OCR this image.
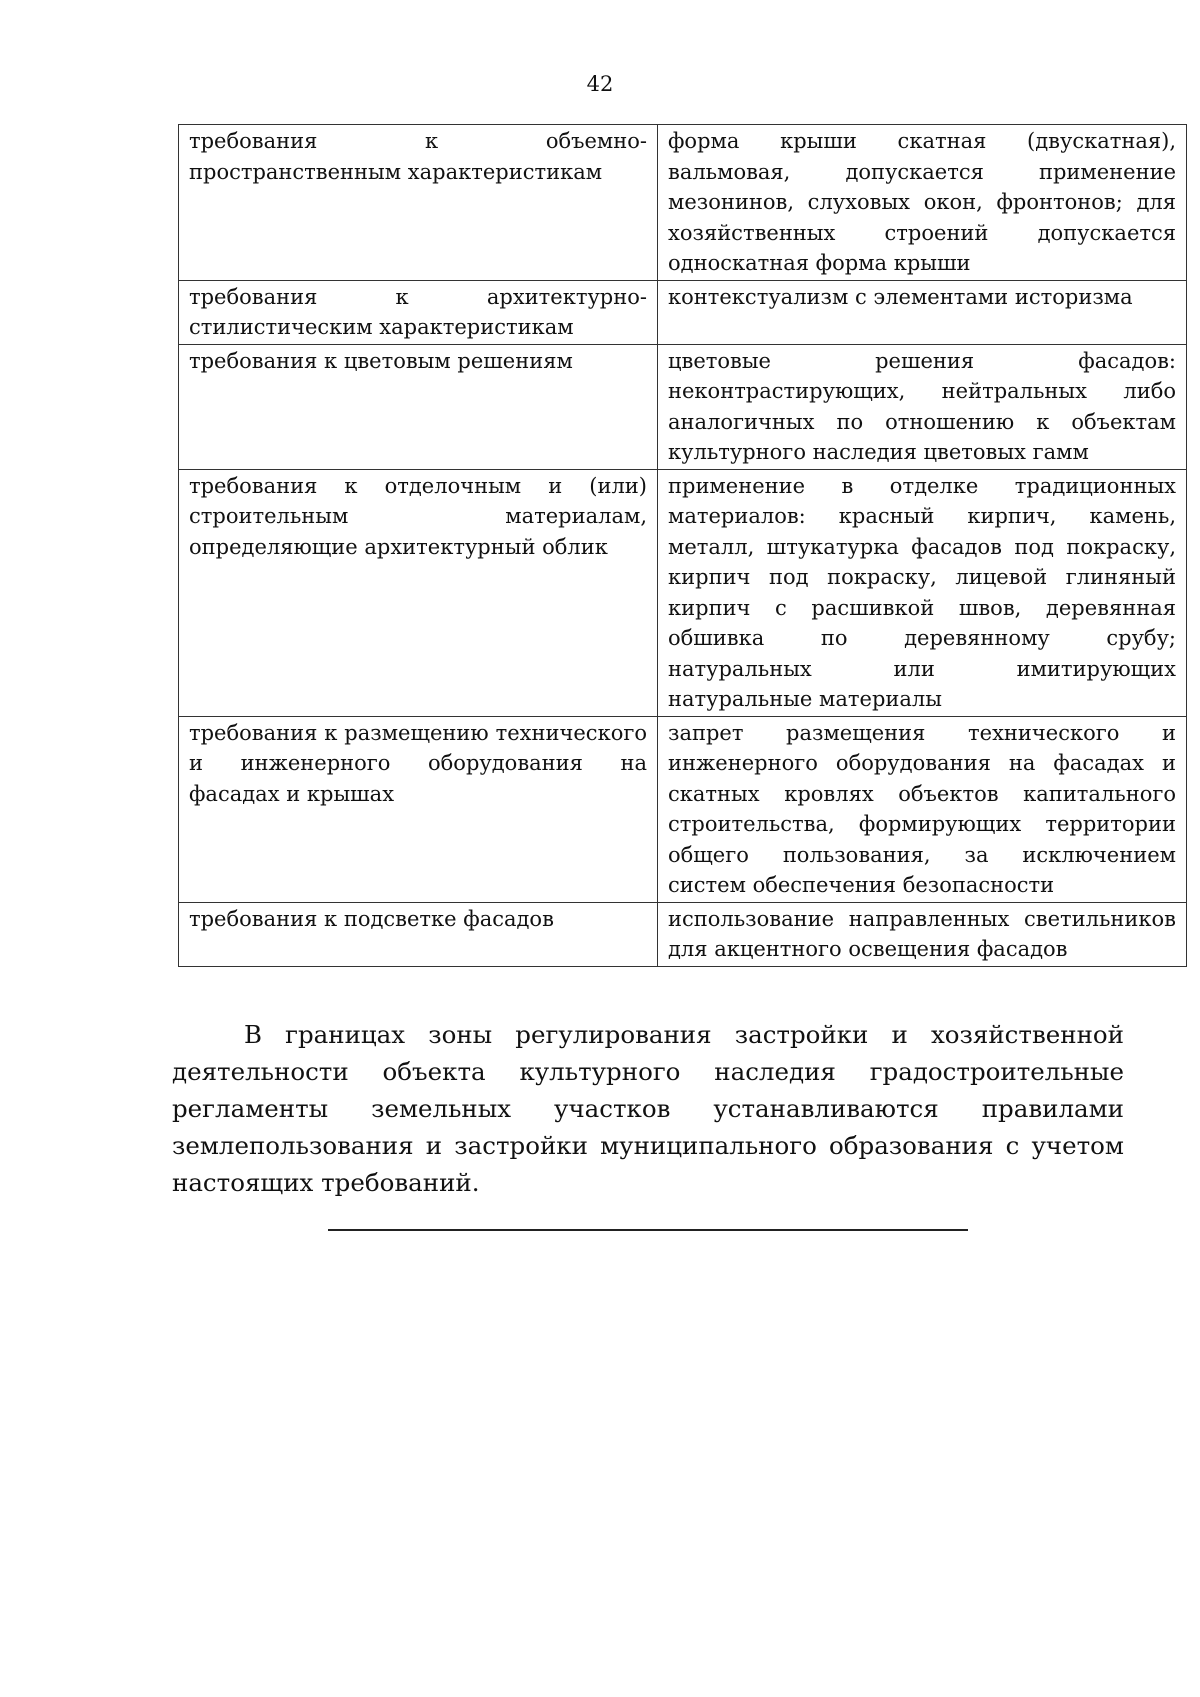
42
требования к объемно-пространственным характеристикам	форма крыши скатная (двускатная), вальмовая, допускается применение мезонинов, слуховых окон, фронтонов; для хозяйственных строений допускается односкатная форма крыши
требования к архитектурно-стилистическим характеристикам	контекстуализм с элементами историзма
требования к цветовым решениям	цветовые решения фасадов: неконтрастирующих, нейтральных либо аналогичных по отношению к объектам культурного наследия цветовых гамм
требования к отделочным и (или) строительным материалам, определяющие архитектурный облик	применение в отделке традиционных материалов: красный кирпич, камень, металл, штукатурка фасадов под покраску, кирпич под покраску, лицевой глиняный кирпич с расшивкой швов, деревянная обшивка по деревянному срубу; натуральных или имитирующих натуральные материалы
требования к размещению технического и инженерного оборудования на фасадах и крышах	запрет размещения технического и инженерного оборудования на фасадах и скатных кровлях объектов капитального строительства, формирующих территории общего пользования, за исключением систем обеспечения безопасности
требования к подсветке фасадов	использование направленных светильников для акцентного освещения фасадов

В границах зоны регулирования застройки и хозяйственной деятельности объекта культурного наследия градостроительные регламенты земельных участков устанавливаются правилами землепользования и застройки муниципального образования с учетом настоящих требований.
